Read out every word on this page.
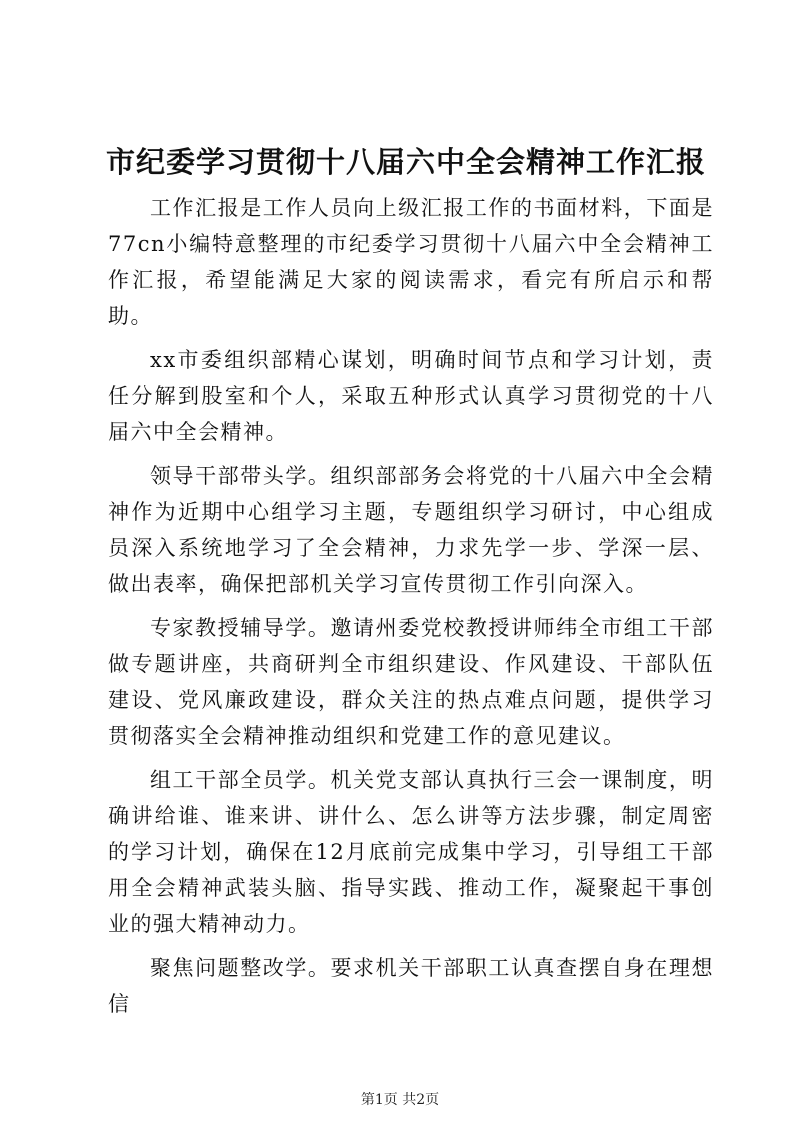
市纪委学习贯彻十八届六中全会精神工作汇报

工作汇报是工作人员向上级汇报工作的书面材料，下面是77cn小编特意整理的市纪委学习贯彻十八届六中全会精神工作汇报，希望能满足大家的阅读需求，看完有所启示和帮助。

xx市委组织部精心谋划，明确时间节点和学习计划，责任分解到股室和个人，采取五种形式认真学习贯彻党的十八届六中全会精神。

领导干部带头学。组织部部务会将党的十八届六中全会精神作为近期中心组学习主题，专题组织学习研讨，中心组成员深入系统地学习了全会精神，力求先学一步、学深一层、做出表率，确保把部机关学习宣传贯彻工作引向深入。

专家教授辅导学。邀请州委党校教授讲师纬全市组工干部做专题讲座，共商研判全市组织建设、作风建设、干部队伍建设、党风廉政建设，群众关注的热点难点问题，提供学习贯彻落实全会精神推动组织和党建工作的意见建议。

组工干部全员学。机关党支部认真执行三会一课制度，明确讲给谁、谁来讲、讲什么、怎么讲等方法步骤，制定周密的学习计划，确保在12月底前完成集中学习，引导组工干部用全会精神武装头脑、指导实践、推动工作，凝聚起干事创业的强大精神动力。

聚焦问题整改学。要求机关干部职工认真查摆自身在理想信

第1页 共2页
